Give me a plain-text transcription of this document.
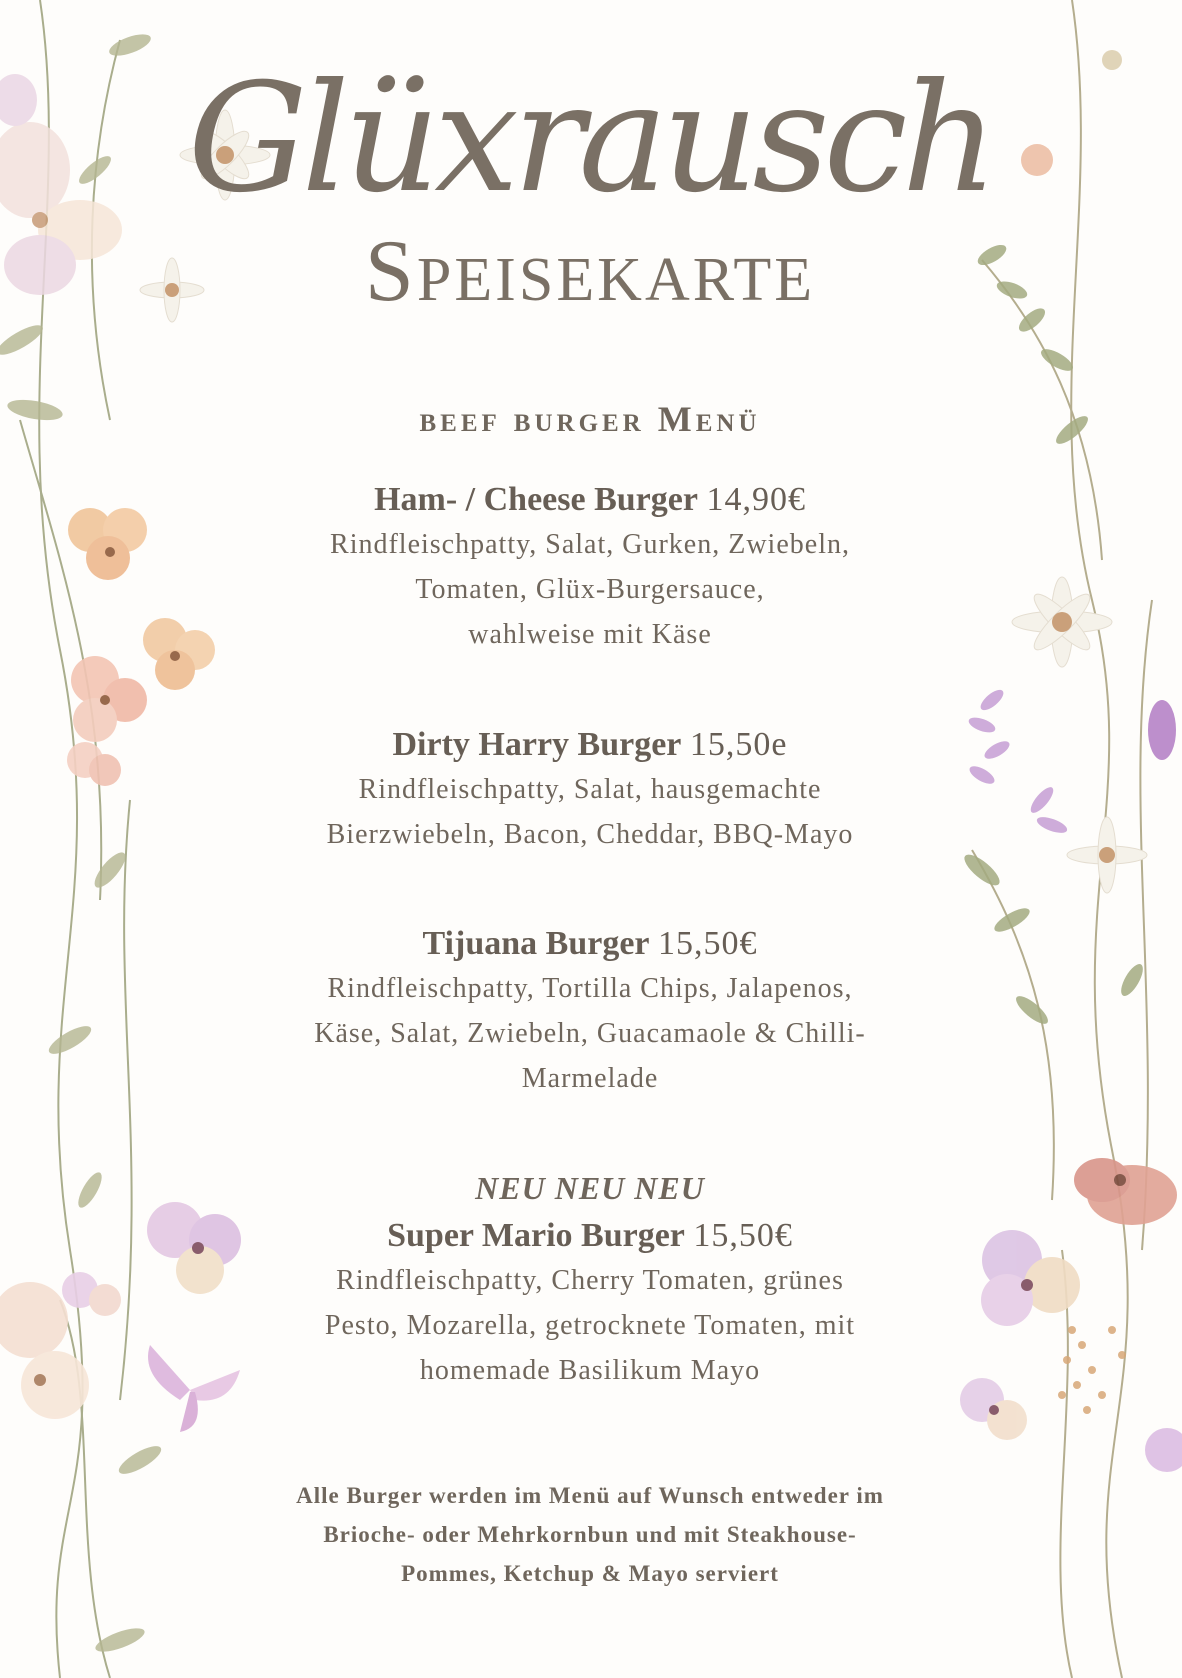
Glüxrausch
Speisekarte
beef burger Menü
Ham- / Cheese Burger 14,90€
Rindfleischpatty, Salat, Gurken, Zwiebeln,
Tomaten, Glüx-Burgersauce,
wahlweise mit Käse
Dirty Harry Burger 15,50e
Rindfleischpatty, Salat, hausgemachte
Bierzwiebeln, Bacon, Cheddar, BBQ-Mayo
Tijuana Burger 15,50€
Rindfleischpatty, Tortilla Chips, Jalapenos,
Käse, Salat, Zwiebeln, Guacamaole & Chilli-
Marmelade
NEU NEU NEU
Super Mario Burger 15,50€
Rindfleischpatty, Cherry Tomaten, grünes
Pesto, Mozarella, getrocknete Tomaten, mit
homemade Basilikum Mayo
Alle Burger werden im Menü auf Wunsch entweder im
Brioche- oder Mehrkornbun und mit Steakhouse-
Pommes, Ketchup & Mayo serviert
